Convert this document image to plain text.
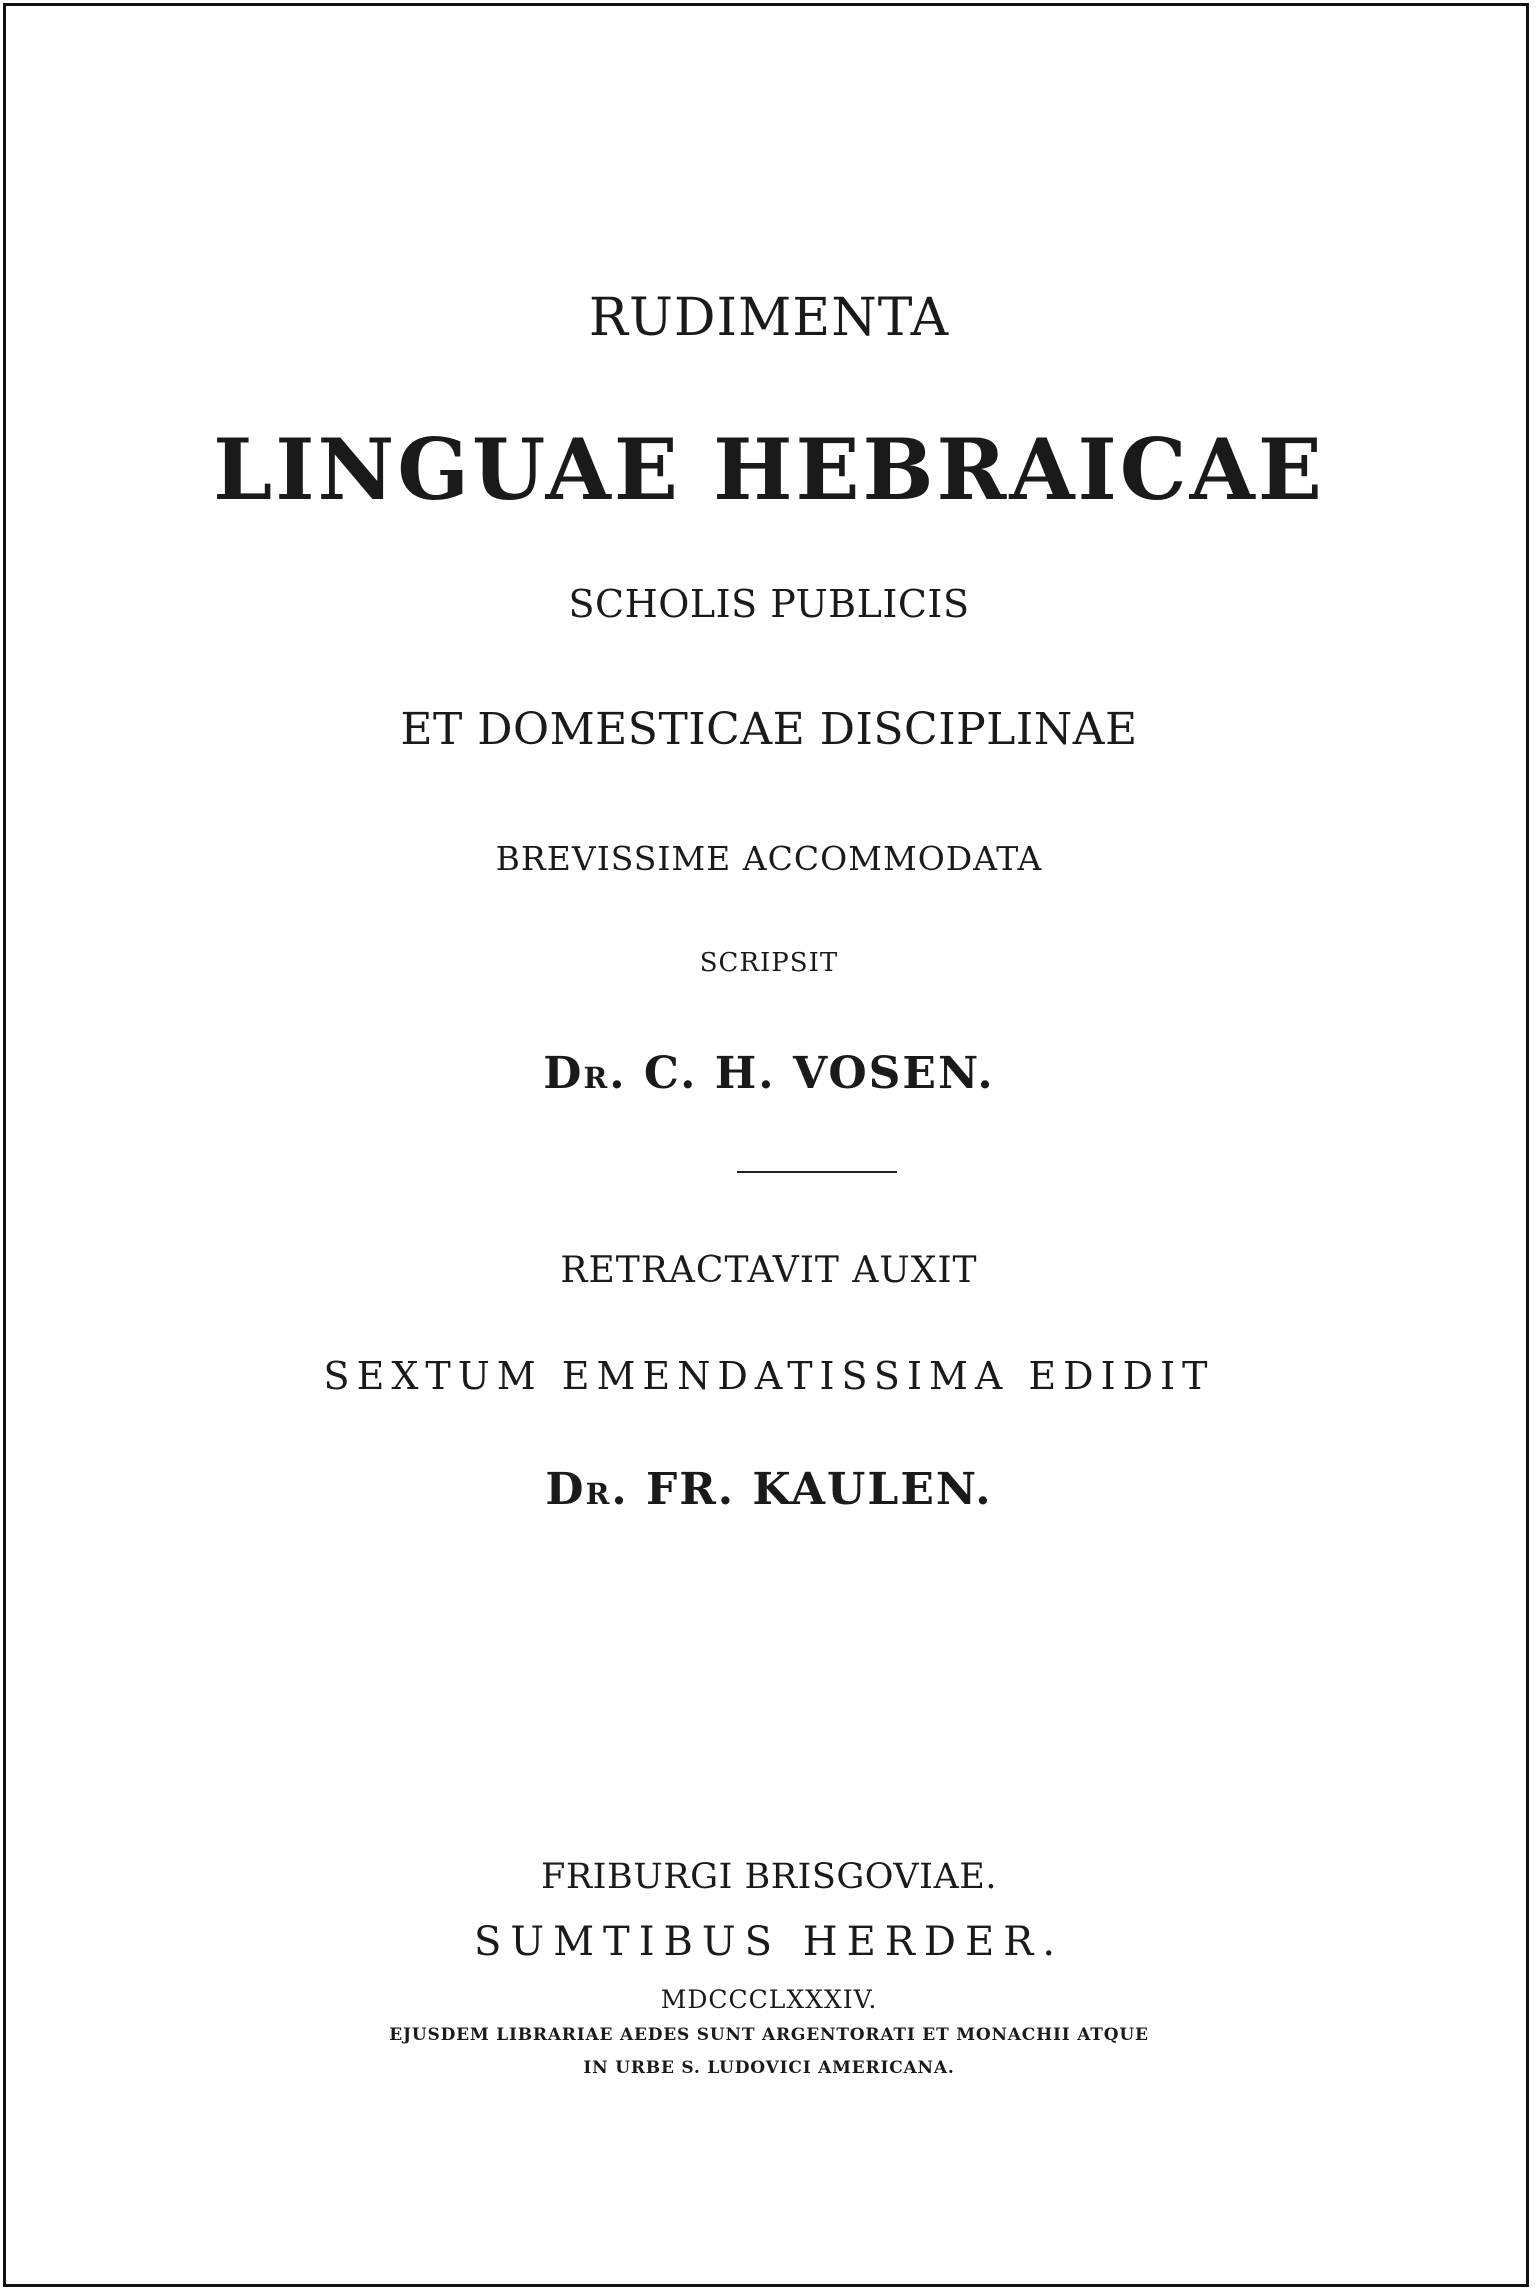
RUDIMENTA
LINGUAE HEBRAICAE
SCHOLIS PUBLICIS
ET DOMESTICAE DISCIPLINAE
BREVISSIME ACCOMMODATA
SCRIPSIT
DR. C. H. VOSEN.
RETRACTAVIT AUXIT
SEXTUM EMENDATISSIMA EDIDIT
DR. FR. KAULEN.
FRIBURGI BRISGOVIAE.
SUMTIBUS HERDER.
MDCCCLXXXIV.
EJUSDEM LIBRARIAE AEDES SUNT ARGENTORATI ET MONACHII ATQUE
IN URBE S. LUDOVICI AMERICANA.
